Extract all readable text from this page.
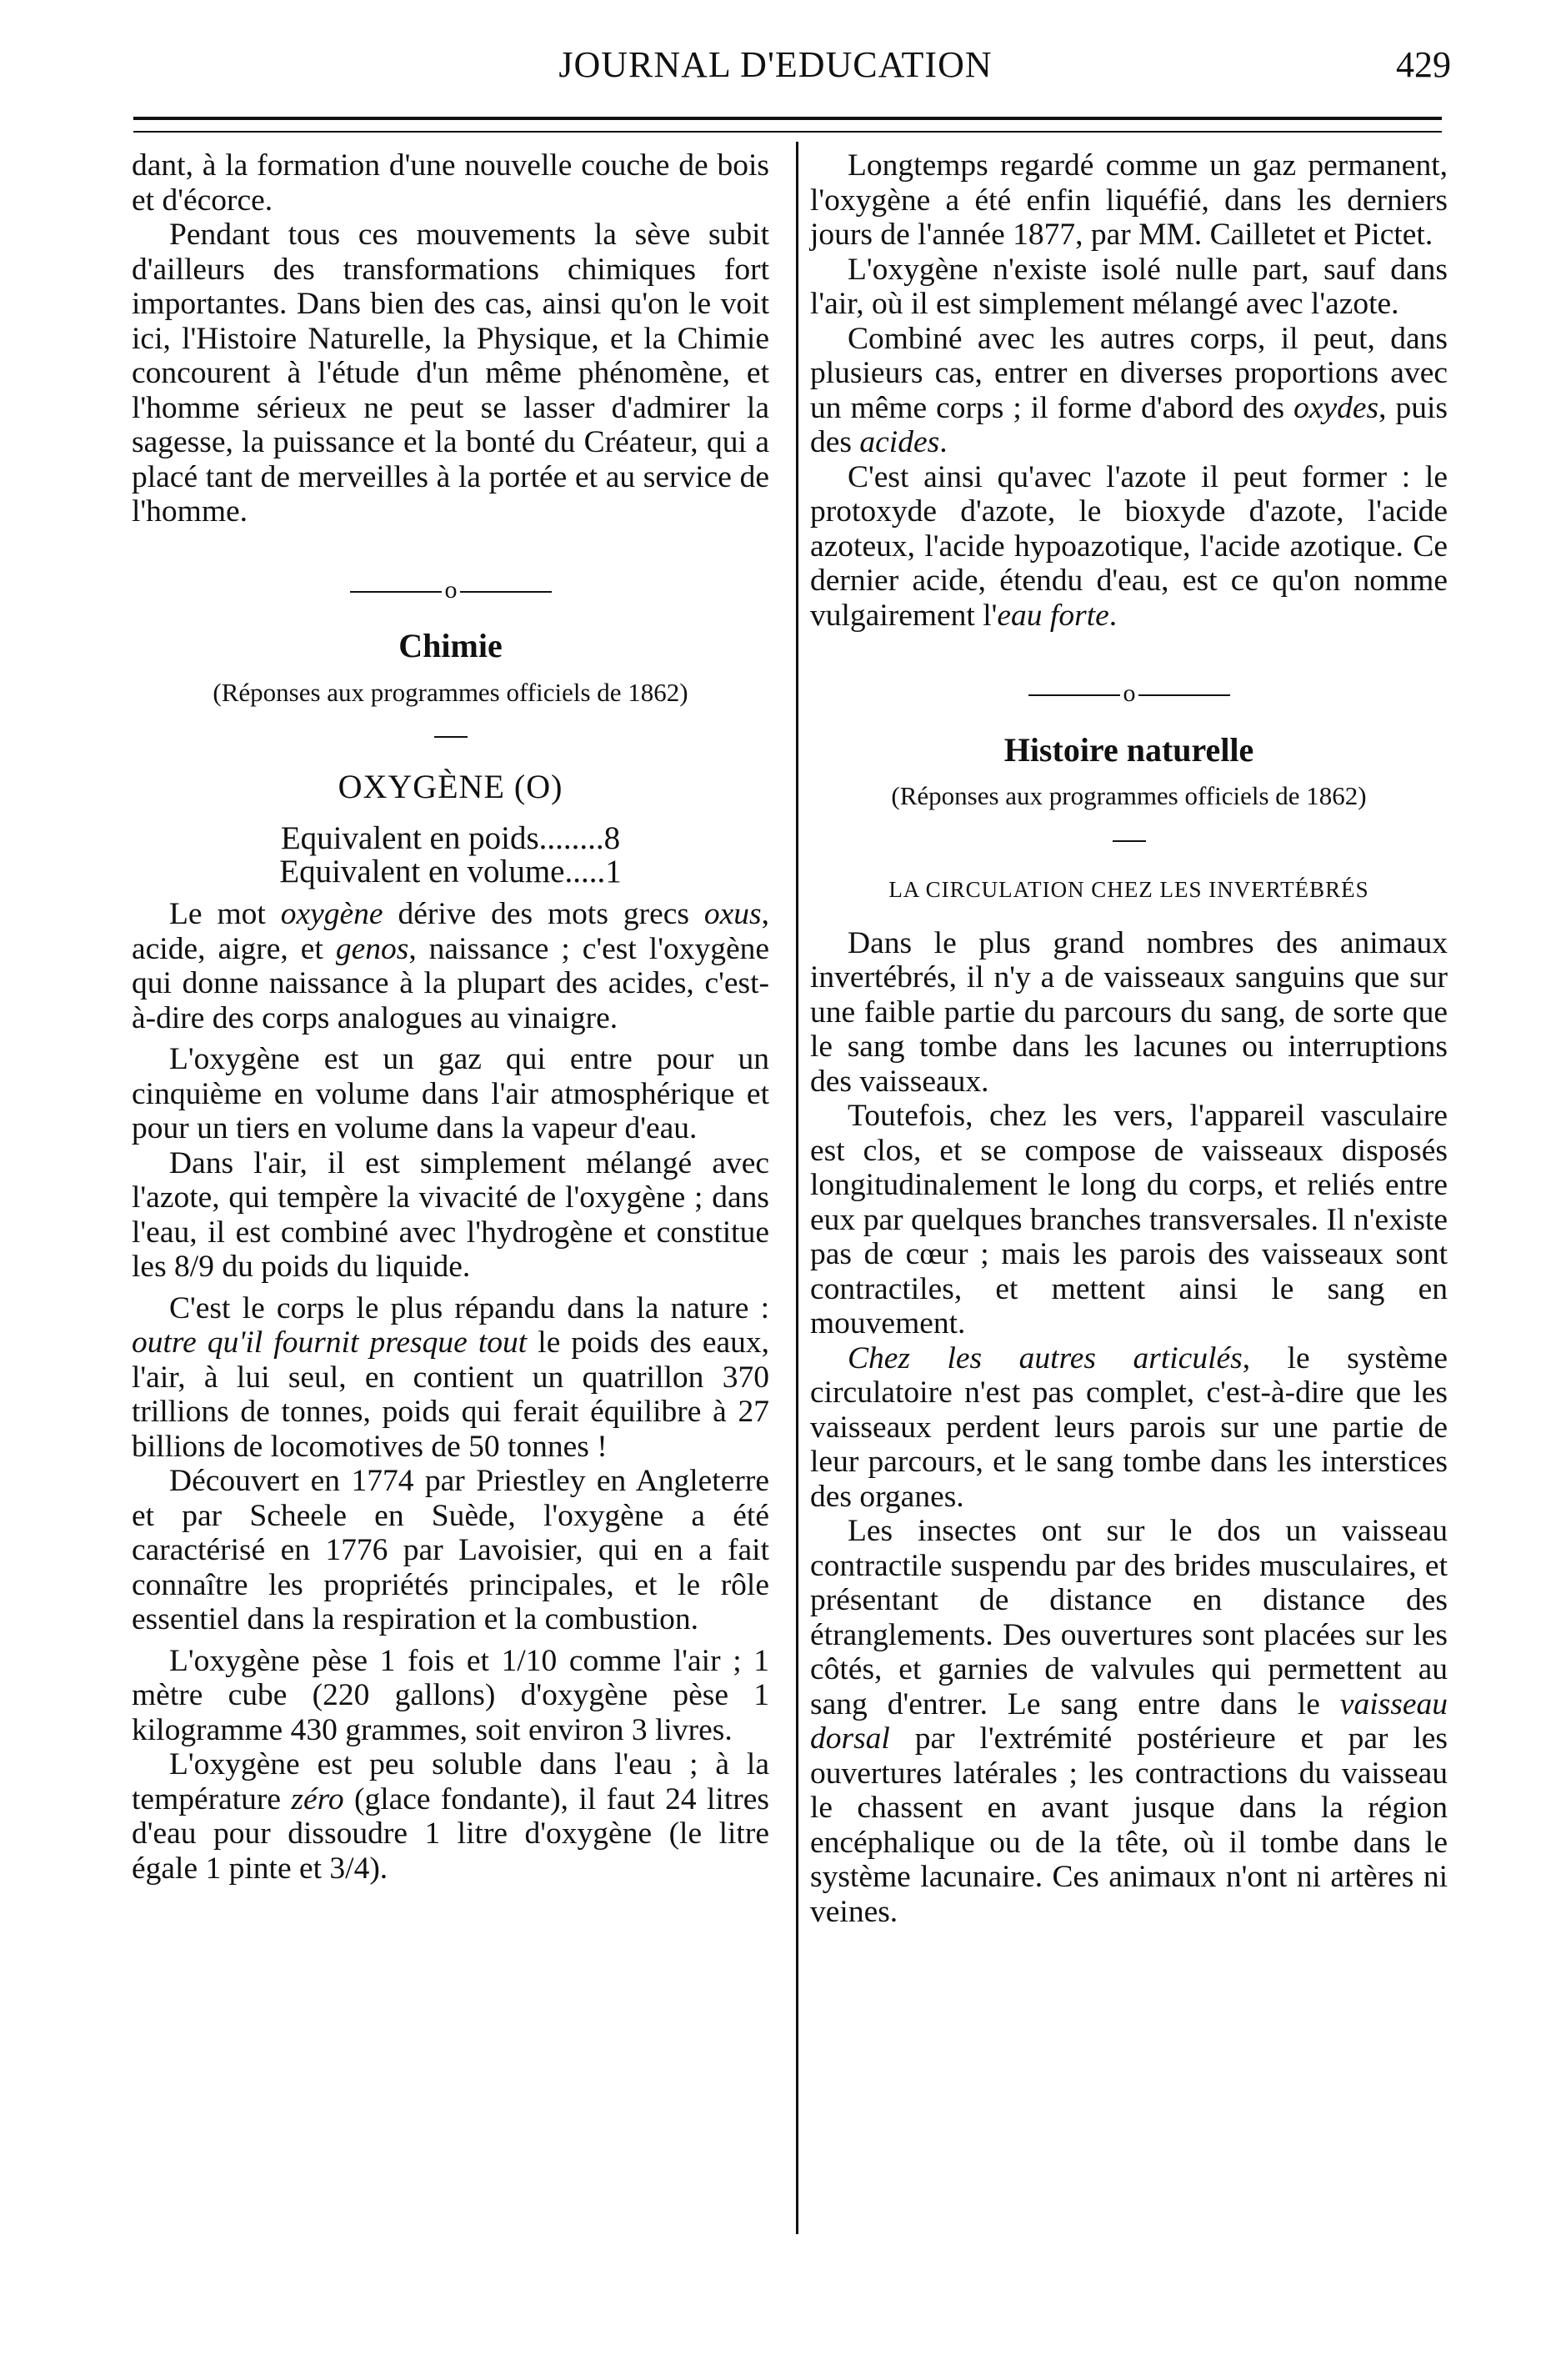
JOURNAL D'EDUCATION	429

dant, à la formation d'une nouvelle couche de bois et d'écorce.

Pendant tous ces mouvements la sève subit d'ailleurs des transformations chimiques fort importantes. Dans bien des cas, ainsi qu'on le voit ici, l'Histoire Naturelle, la Physique, et la Chimie concourent à l'étude d'un même phénomène, et l'homme sérieux ne peut se lasser d'admirer la sagesse, la puissance et la bonté du Créateur, qui a placé tant de merveilles à la portée et au service de l'homme.

o
Chimie
(Réponses aux programmes officiels de 1862)
OXYGÈNE (O)
Equivalent en poids........8
Equivalent en volume.....1

Le mot oxygène dérive des mots grecs oxus, acide, aigre, et genos, naissance ; c'est l'oxygène qui donne naissance à la plupart des acides, c'est-à-dire des corps analogues au vinaigre.

L'oxygène est un gaz qui entre pour un cinquième en volume dans l'air atmosphérique et pour un tiers en volume dans la vapeur d'eau.

Dans l'air, il est simplement mélangé avec l'azote, qui tempère la vivacité de l'oxygène ; dans l'eau, il est combiné avec l'hydrogène et constitue les 8/9 du poids du liquide.

C'est le corps le plus répandu dans la nature : outre qu'il fournit presque tout le poids des eaux, l'air, à lui seul, en contient un quatrillon 370 trillions de tonnes, poids qui ferait équilibre à 27 billions de locomotives de 50 tonnes !

Découvert en 1774 par Priestley en Angleterre et par Scheele en Suède, l'oxygène a été caractérisé en 1776 par Lavoisier, qui en a fait connaître les propriétés principales, et le rôle essentiel dans la respiration et la combustion.

L'oxygène pèse 1 fois et 1/10 comme l'air ; 1 mètre cube (220 gallons) d'oxygène pèse 1 kilogramme 430 grammes, soit environ 3 livres.

L'oxygène est peu soluble dans l'eau ; à la température zéro (glace fondante), il faut 24 litres d'eau pour dissoudre 1 litre d'oxygène (le litre égale 1 pinte et 3/4).

Longtemps regardé comme un gaz permanent, l'oxygène a été enfin liquéfié, dans les derniers jours de l'année 1877, par MM. Cailletet et Pictet.

L'oxygène n'existe isolé nulle part, sauf dans l'air, où il est simplement mélangé avec l'azote.

Combiné avec les autres corps, il peut, dans plusieurs cas, entrer en diverses proportions avec un même corps ; il forme d'abord des oxydes, puis des acides.

C'est ainsi qu'avec l'azote il peut former : le protoxyde d'azote, le bioxyde d'azote, l'acide azoteux, l'acide hypoazotique, l'acide azotique. Ce dernier acide, étendu d'eau, est ce qu'on nomme vulgairement l'eau forte.

o
Histoire naturelle
(Réponses aux programmes officiels de 1862)
LA CIRCULATION CHEZ LES INVERTÉBRÉS

Dans le plus grand nombres des animaux invertébrés, il n'y a de vaisseaux sanguins que sur une faible partie du parcours du sang, de sorte que le sang tombe dans les lacunes ou interruptions des vaisseaux.

Toutefois, chez les vers, l'appareil vasculaire est clos, et se compose de vaisseaux disposés longitudinalement le long du corps, et reliés entre eux par quelques branches transversales. Il n'existe pas de cœur ; mais les parois des vaisseaux sont contractiles, et mettent ainsi le sang en mouvement.

Chez les autres articulés, le système circulatoire n'est pas complet, c'est-à-dire que les vaisseaux perdent leurs parois sur une partie de leur parcours, et le sang tombe dans les interstices des organes.

Les insectes ont sur le dos un vaisseau contractile suspendu par des brides musculaires, et présentant de distance en distance des étranglements. Des ouvertures sont placées sur les côtés, et garnies de valvules qui permettent au sang d'entrer. Le sang entre dans le vaisseau dorsal par l'extrémité postérieure et par les ouvertures latérales ; les contractions du vaisseau le chassent en avant jusque dans la région encéphalique ou de la tête, où il tombe dans le système lacunaire. Ces animaux n'ont ni artères ni veines.
